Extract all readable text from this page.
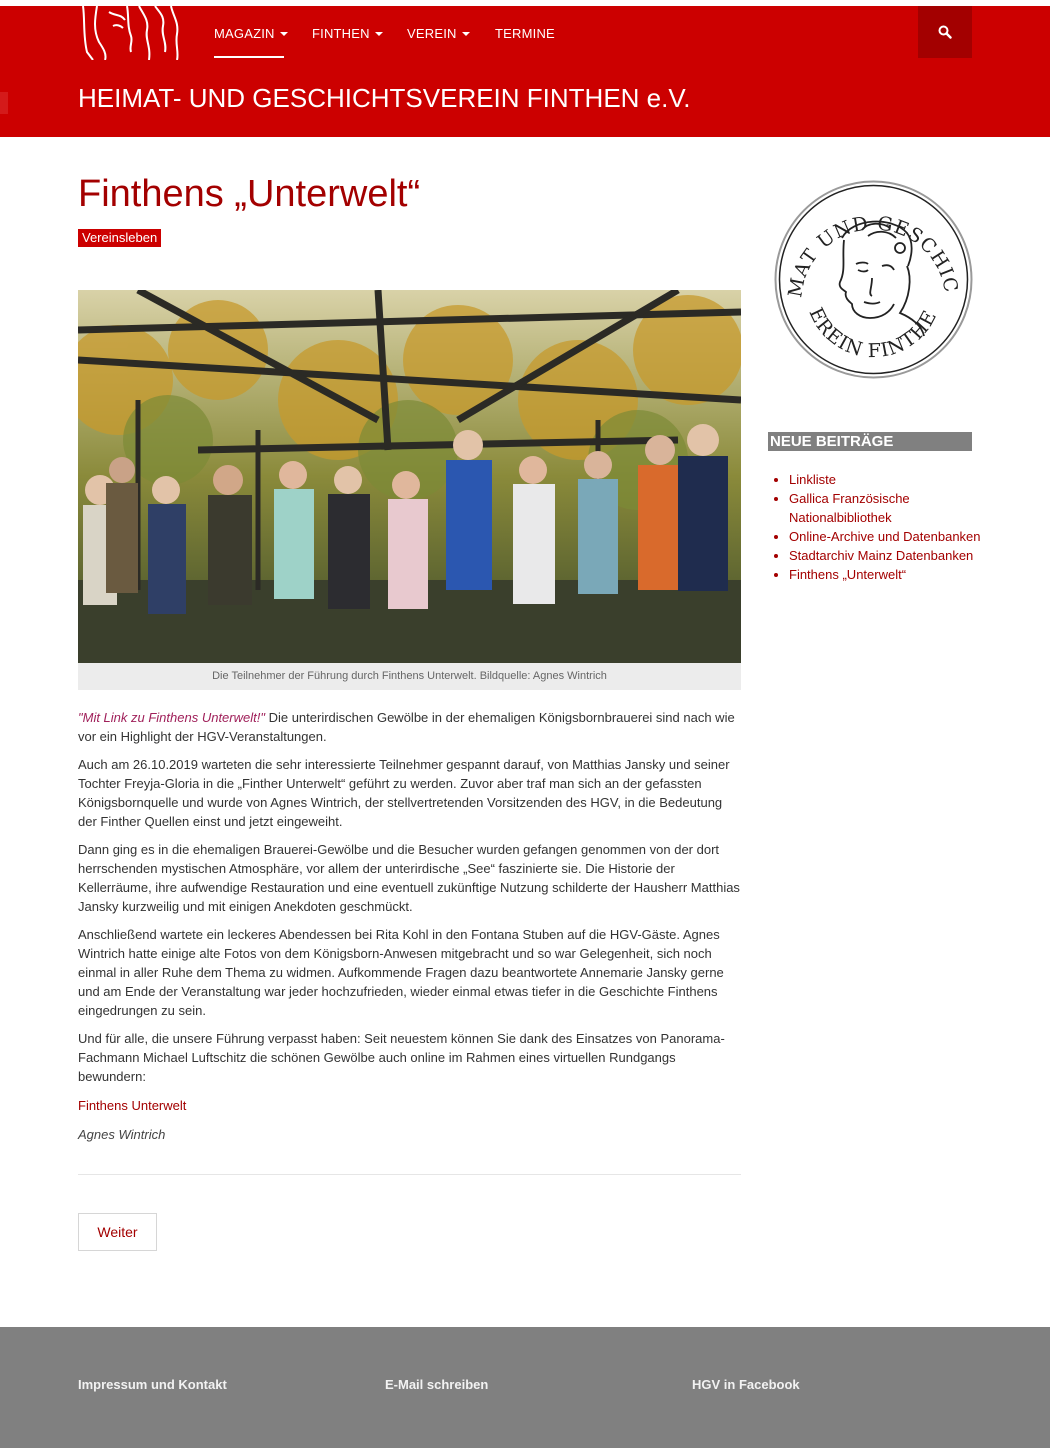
MAGAZIN	FINTHEN	VEREIN	TERMINE
HEIMAT- UND GESCHICHTSVEREIN FINTHEN e.V.
Finthens „Unterwelt“
Vereinsleben
Die Teilnehmer der Führung durch Finthens Unterwelt. Bildquelle: Agnes Wintrich

"Mit Link zu Finthens Unterwelt!" Die unterirdischen Gewölbe in der ehemaligen Königsbornbrauerei sind nach wie vor ein Highlight der HGV-Veranstaltungen.

Auch am 26.10.2019 warteten die sehr interessierte Teilnehmer gespannt darauf, von Matthias Jansky und seiner Tochter Freyja-Gloria in die „Finther Unterwelt“ geführt zu werden. Zuvor aber traf man sich an der gefassten Königsbornquelle und wurde von Agnes Wintrich, der stellvertretenden Vorsitzenden des HGV, in die Bedeutung der Finther Quellen einst und jetzt eingeweiht.

Dann ging es in die ehemaligen Brauerei-Gewölbe und die Besucher wurden gefangen genommen von der dort herrschenden mystischen Atmosphäre, vor allem der unterirdische „See“ faszinierte sie. Die Historie der Kellerräume, ihre aufwendige Restauration und eine eventuell zukünftige Nutzung schilderte der Hausherr Matthias Jansky kurzweilig und mit einigen Anekdoten geschmückt.

Anschließend wartete ein leckeres Abendessen bei Rita Kohl in den Fontana Stuben auf die HGV-Gäste. Agnes Wintrich hatte einige alte Fotos von dem Königsborn-Anwesen mitgebracht und so war Gelegenheit, sich noch einmal in aller Ruhe dem Thema zu widmen. Aufkommende Fragen dazu beantwortete Annemarie Jansky gerne und am Ende der Veranstaltung war jeder hochzufrieden, wieder einmal etwas tiefer in die Geschichte Finthens eingedrungen zu sein.

Und für alle, die unsere Führung verpasst haben: Seit neuestem können Sie dank des Einsatzes von Panorama-Fachmann Michael Luftschitz die schönen Gewölbe auch online im Rahmen eines virtuellen Rundgangs bewundern:

Finthens Unterwelt

Agnes Wintrich

Weiter
MAT UND GESCHIC
EREIN FINTHE
NEUE BEITRÄGE
• Linkliste
• Gallica Französische Nationalbibliothek
• Online-Archive und Datenbanken
• Stadtarchiv Mainz Datenbanken
• Finthens „Unterwelt“
Impressum und Kontakt	E-Mail schreiben	HGV in Facebook
